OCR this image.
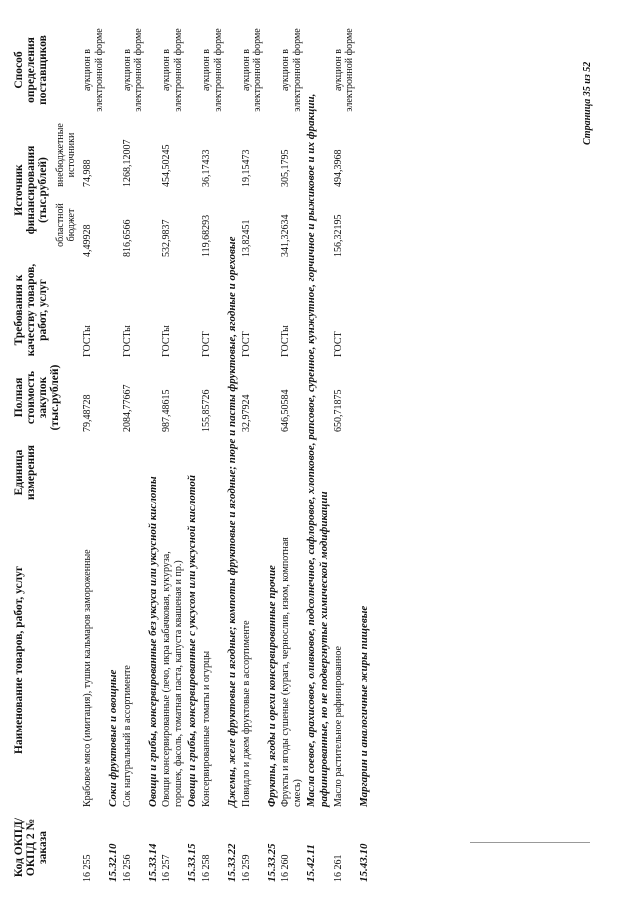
Код ОКПД/ ОКПД 2 № заказа	Наименование товаров, работ, услуг	Единица измерения	Полная стоимость закупок (тыс.рублей)	Требования к качеству товаров, работ, услуг	Источник финансирования (тыс.рублей)		Способ определения поставщиков
					областной бюджет	внебюджетные источники	
16 255	Крабовое мясо (имитация), тушки кальмаров замороженные		79,48728	ГОСТы	4,49928	74,988	аукцион в электронной форме
15.32.10	Соки фруктовые и овощные						
16 256	Сок натуральный в ассортименте		2084,77667	ГОСТы	816,6566	1268,12007	аукцион в электронной форме
15.33.14	Овощи и грибы, консервированные без уксуса или уксусной кислоты						
16 257	Овощи консервированные (лечо, икра кабачковая, кукуруза, горошек, фасоль, томатная паста, капуста квашеная и пр.)		987,48615	ГОСТы	532,9837	454,50245	аукцион в электронной форме
15.33.15	Овощи и грибы, консервированные с уксусом или уксусной кислотой						
16 258	Консервированные томаты и огурцы		155,85726	ГОСТ	119,68293	36,17433	аукцион в электронной форме
15.33.22	Джемы, желе фруктовые и ягодные; компоты фруктовые и ягодные; пюре и пасты фруктовые, ягодные и ореховые						
16 259	Повидло и джем фруктовые в ассортименте		32,97924	ГОСТ	13,82451	19,15473	аукцион в электронной форме
15.33.25	Фрукты, ягоды и орехи консервированные прочие						
16 260	Фрукты и ягоды сушеные (курага, чернослив, изюм, компотная смесь)		646,50584	ГОСТы	341,32634	305,1795	аукцион в электронной форме
15.42.11	Масла соевое, арахисовое, оливковое, подсолнечное, сафлоровое, хлопковое, рапсовое, суренное, кунжутное, горчичное и рыжиковое и их фракции, рафинированные, но не подвергнутые химической модификации						
16 261	Масло растительное рафинированное		650,71875	ГОСТ	156,32195	494,3968	аукцион в электронной форме
15.43.10	Маргарин и аналогичные жиры пищевые						
Страница 35 из 52
